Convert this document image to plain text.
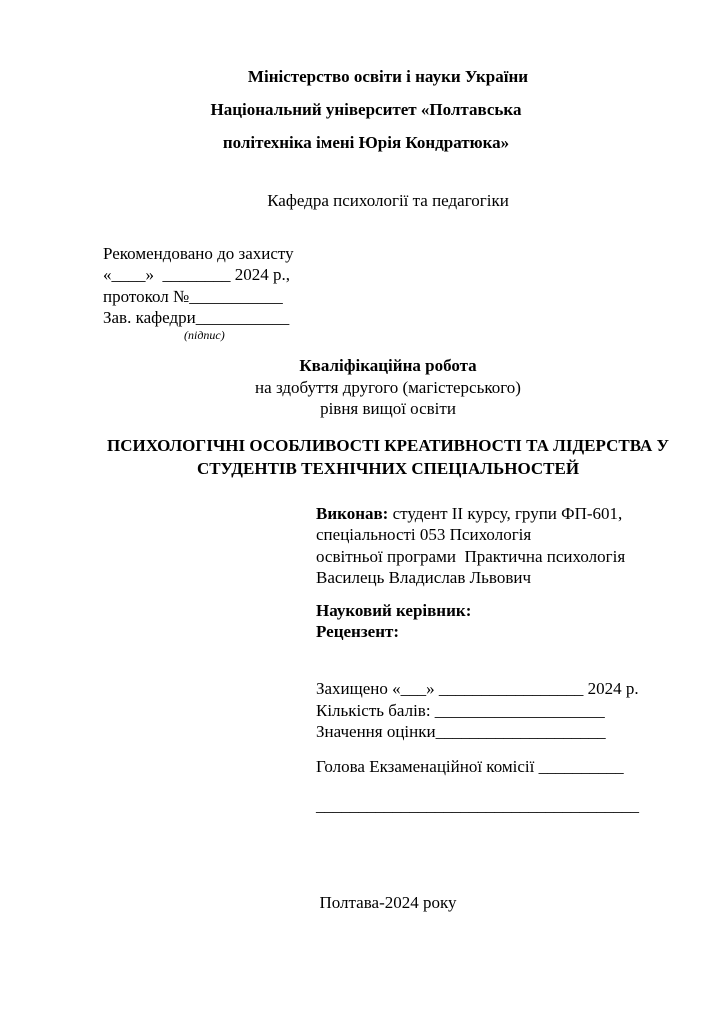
Міністерство освіти і науки України
Національний університет «Полтавська
політехніка імені Юрія Кондратюка»
Кафедра психології та педагогіки
Рекомендовано до захисту
«____»  ________ 2024 р.,
протокол №___________
Зав. кафедри___________
(підпис)
Кваліфікаційна робота
на здобуття другого (магістерського)
рівня вищої освіти
ПСИХОЛОГІЧНІ ОСОБЛИВОСТІ КРЕАТИВНОСТІ ТА ЛІДЕРСТВА У
СТУДЕНТІВ ТЕХНІЧНИХ СПЕЦІАЛЬНОСТЕЙ
Виконав: студент ІІ курсу, групи ФП-601,
спеціальності 053 Психологія
освітньої програми  Практична психологія
Василець Владислав Львович
Науковий керівник:
Рецензент:
Захищено «___» _________________ 2024 р.
Кількість балів: ____________________
Значення оцінки____________________
Голова Екзаменаційної комісії __________
______________________________________
Полтава-2024 року
